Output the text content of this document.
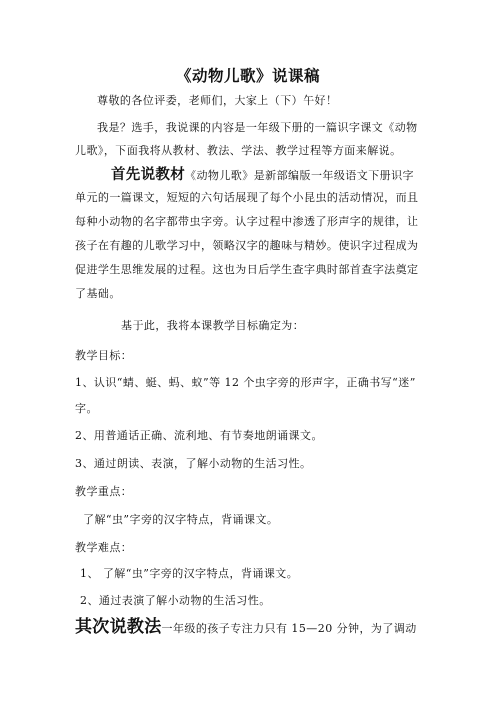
《动物儿歌》说课稿
尊敬的各位评委，老师们，大家上（下）午好！
我是？选手，我说课的内容是一年级下册的一篇识字课文《动物
儿歌》，下面我将从教材、教法、学法、教学过程等方面来解说。
首先说教材《动物儿歌》是新部编版一年级语文下册识字
单元的一篇课文，短短的六句话展现了每个小昆虫的活动情况，而且
每种小动物的名字都带虫字旁。认字过程中渗透了形声字的规律，让
孩子在有趣的儿歌学习中，领略汉字的趣味与精妙。使识字过程成为
促进学生思维发展的过程。这也为日后学生查字典时部首查字法奠定
了基础。
基于此，我将本课教学目标确定为：
教学目标：
1、认识“蜻、蜓、蚂、蚁”等 12 个虫字旁的形声字，正确书写“迷”
字。
2、用普通话正确、流利地、有节奏地朗诵课文。
3、通过朗读、表演，了解小动物的生活习性。
教学重点：
了解“虫”字旁的汉字特点，背诵课文。
教学难点：
1、 了解“虫”字旁的汉字特点，背诵课文。
2、通过表演了解小动物的生活习性。
其次说教法一年级的孩子专注力只有 15—20 分钟，为了调动
